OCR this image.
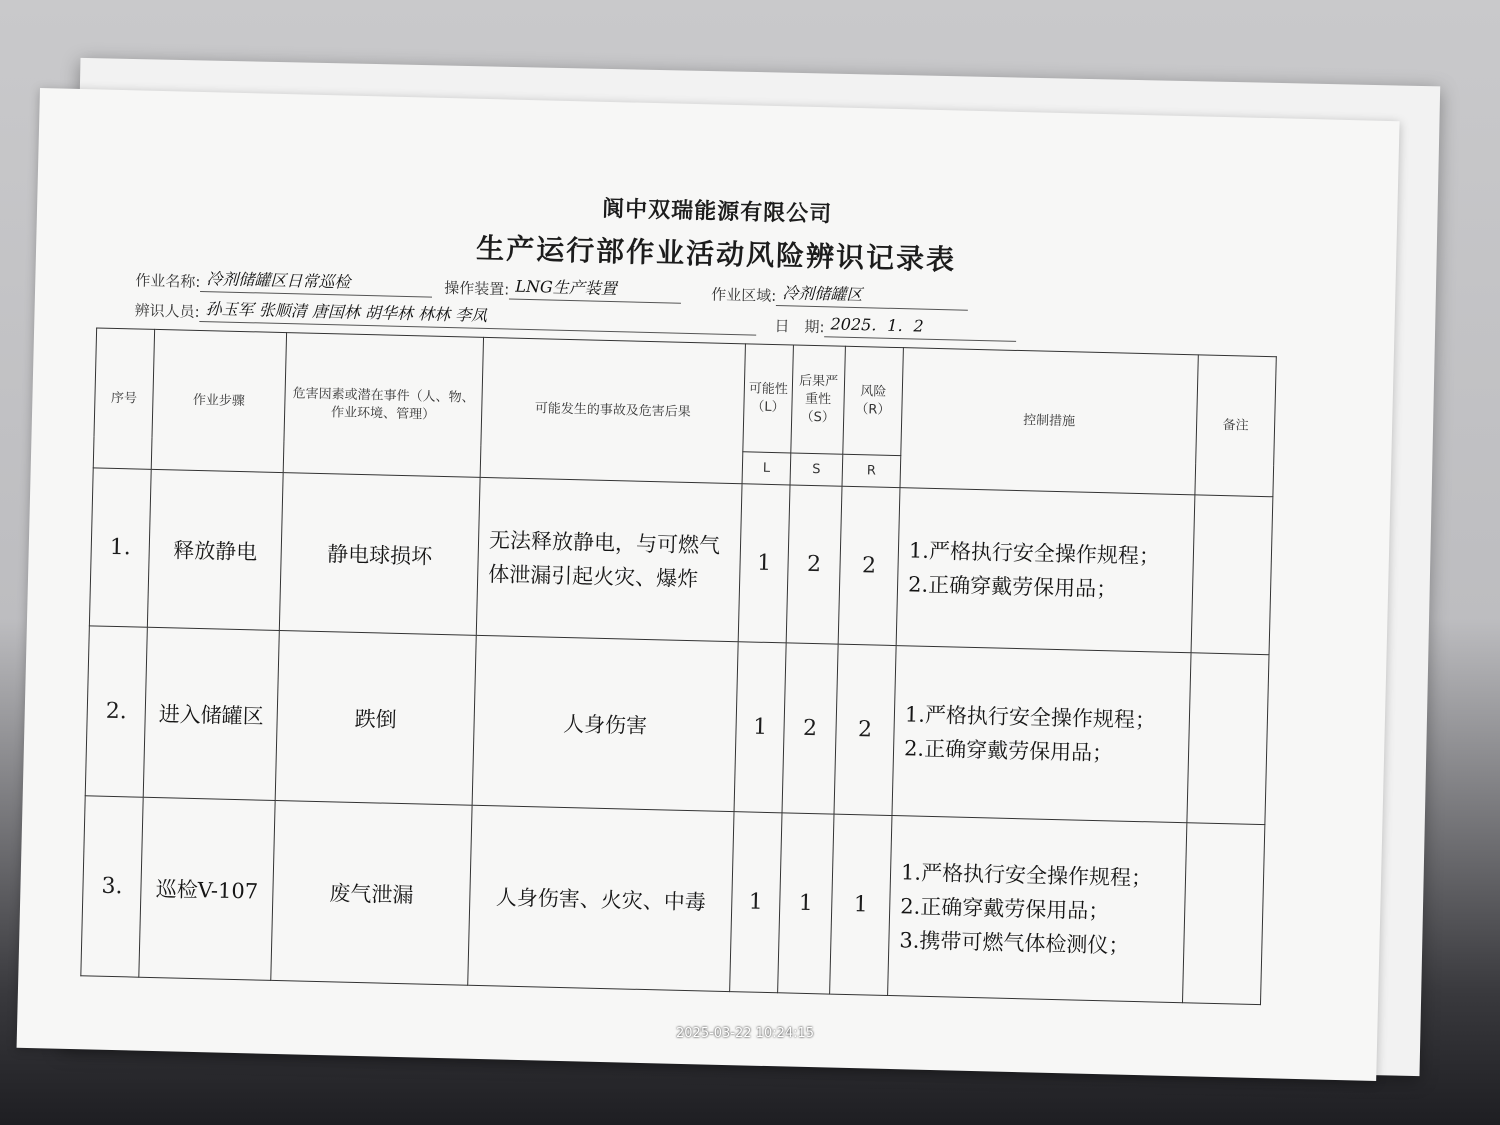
阆中双瑞能源有限公司
生产运行部作业活动风险辨识记录表
作业名称: 冷剂储罐区日常巡检	操作装置: LNG生产装置	作业区域: 冷剂储罐区
辨识人员: 孙玉军 张顺清 唐国林 胡华林 林林 李凤
日　期: 2025．1．2
序号	作业步骤	危害因素或潜在事件（人、物、作业环境、管理）	可能发生的事故及危害后果	可能性（L）	后果严重性（S）	风险（R）	控制措施	备注
				L	S	R		
1.	释放静电	静电球损坏	无法释放静电，与可燃气体泄漏引起火灾、爆炸	1	2	2	1.严格执行安全操作规程；
2.正确穿戴劳保用品；	

2.	进入储罐区	跌倒	人身伤害	1	2	2	1.严格执行安全操作规程；
2.正确穿戴劳保用品；	

3.	巡检V-107	废气泄漏	人身伤害、火灾、中毒	1	1	1	1.严格执行安全操作规程；
2.正确穿戴劳保用品；
3.携带可燃气体检测仪；	

2025-03-22 10:24:15
